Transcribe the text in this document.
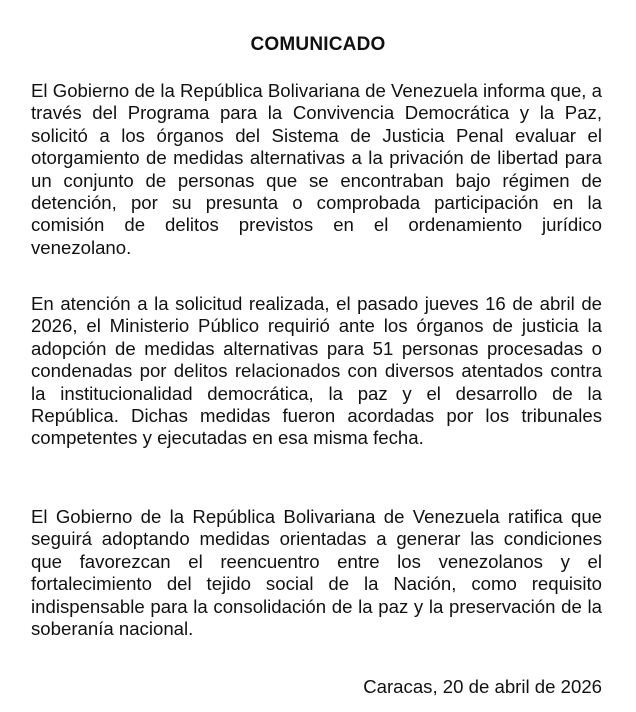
COMUNICADO

El Gobierno de la República Bolivariana de Venezuela informa que, a través del Programa para la Convivencia Democrática y la Paz, solicitó a los órganos del Sistema de Justicia Penal evaluar el otorgamiento de medidas alternativas a la privación de libertad para un conjunto de personas que se encontraban bajo régimen de detención, por su presunta o comprobada participación en la comisión de delitos previstos en el ordenamiento jurídico venezolano.

En atención a la solicitud realizada, el pasado jueves 16 de abril de 2026, el Ministerio Público requirió ante los órganos de justicia la adopción de medidas alternativas para 51 personas procesadas o condenadas por delitos relacionados con diversos atentados contra la institucionalidad democrática, la paz y el desarrollo de la República. Dichas medidas fueron acordadas por los tribunales competentes y ejecutadas en esa misma fecha.

El Gobierno de la República Bolivariana de Venezuela ratifica que seguirá adoptando medidas orientadas a generar las condiciones que favorezcan el reencuentro entre los venezolanos y el fortalecimiento del tejido social de la Nación, como requisito indispensable para la consolidación de la paz y la preservación de la soberanía nacional.

Caracas, 20 de abril de 2026
